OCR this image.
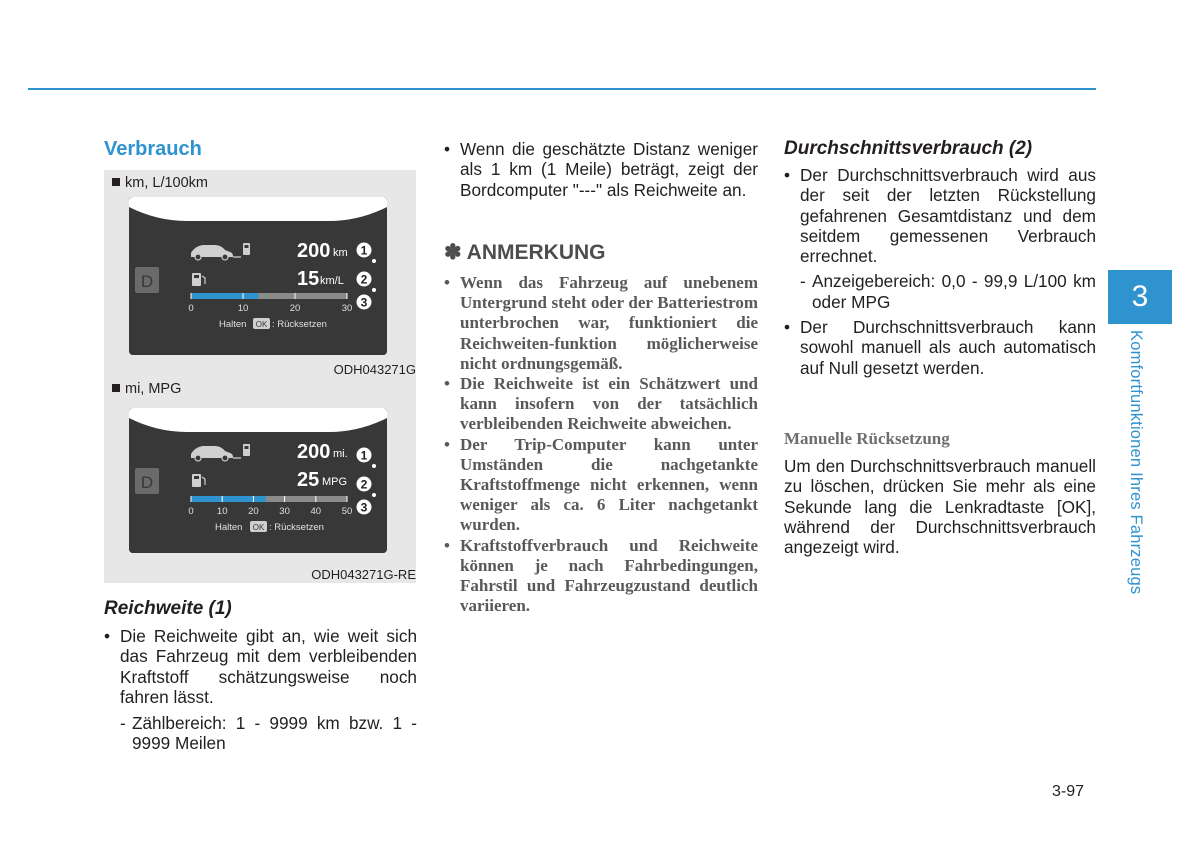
Verbrauch
km, L/100km
D
200 km
15 km/L
0	10	20	30
Halten OK : Rücksetzen
1
2
3
ODH043271G
mi, MPG
D
200 mi.
25 MPG
0 10 20 30 40 50
Halten OK : Rücksetzen
1
2
3
ODH043271G-RE
Reichweite (1)
• Die Reichweite gibt an, wie weit sich das Fahrzeug mit dem verbleibenden Kraftstoff schätzungsweise noch fahren lässt.
- Zählbereich: 1 - 9999 km bzw. 1 - 9999 Meilen
• Wenn die geschätzte Distanz weniger als 1 km (1 Meile) beträgt, zeigt der Bordcomputer "---" als Reichweite an.
✽ ANMERKUNG
• Wenn das Fahrzeug auf unebenem Untergrund steht oder der Batteriestrom unterbrochen war, funktioniert die Reichweiten-funktion möglicherweise nicht ordnungsgemäß.
• Die Reichweite ist ein Schätzwert und kann insofern von der tatsächlich verbleibenden Reichweite abweichen.
• Der Trip-Computer kann unter Umständen die nachgetankte Kraftstoffmenge nicht erkennen, wenn weniger als ca. 6 Liter nachgetankt wurden.
• Kraftstoffverbrauch und Reichweite können je nach Fahrbedingungen, Fahrstil und Fahrzeugzustand deutlich variieren.
Durchschnittsverbrauch (2)
• Der Durchschnittsverbrauch wird aus der seit der letzten Rückstellung gefahrenen Gesamtdistanz und dem seitdem gemessenen Verbrauch errechnet.
- Anzeigebereich: 0,0 - 99,9 L/100 km oder MPG
• Der Durchschnittsverbrauch kann sowohl manuell als auch automatisch auf Null gesetzt werden.
Manuelle Rücksetzung
Um den Durchschnittsverbrauch manuell zu löschen, drücken Sie mehr als eine Sekunde lang die Lenkradtaste [OK], während der Durchschnittsverbrauch angezeigt wird.
3
Komfortfunktionen Ihres Fahrzeugs
3-97
